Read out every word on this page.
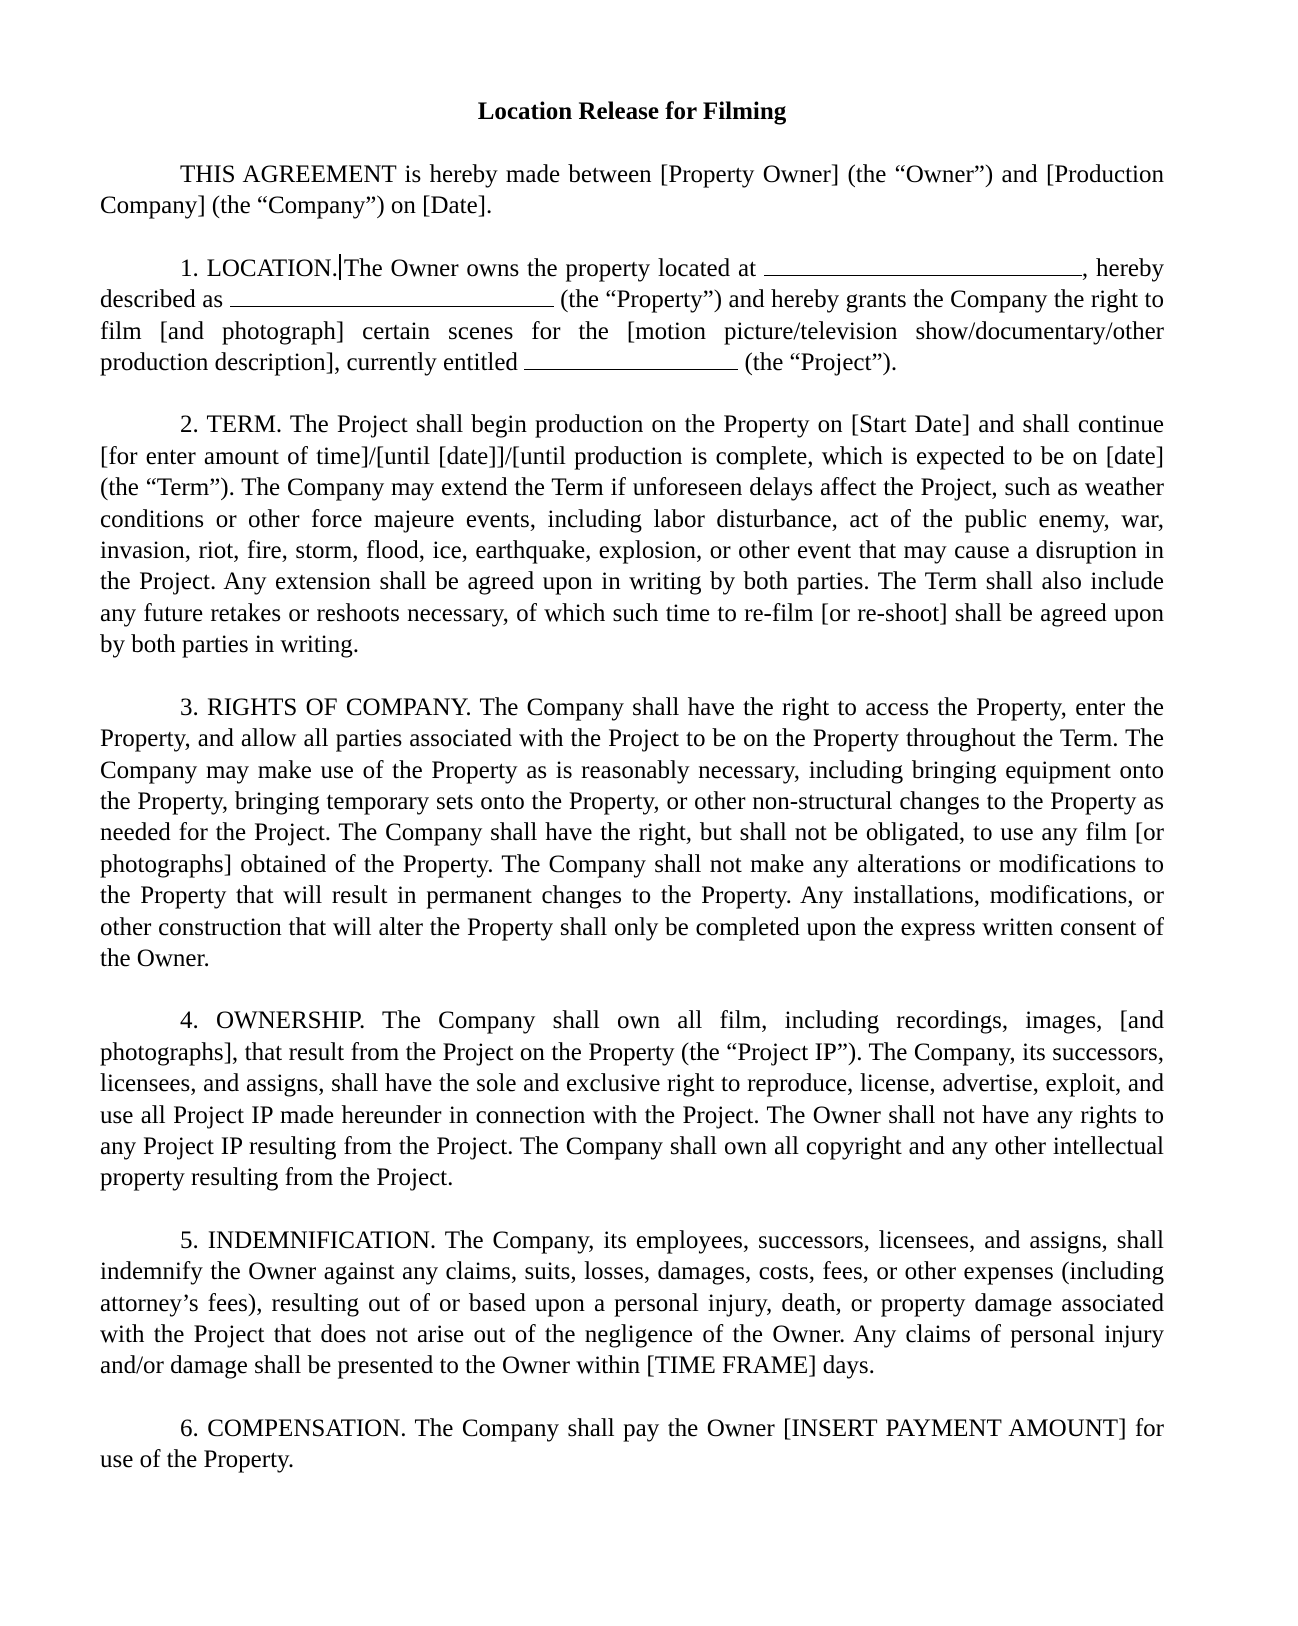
Location Release for Filming

THIS AGREEMENT is hereby made between [Property Owner] (the “Owner”) and [Production Company] (the “Company”) on [Date].

1. LOCATION. The Owner owns the property located at	, hereby described as	(the “Property”) and hereby grants the Company the right to film [and photograph] certain scenes for the [motion picture/television show/documentary/other production description], currently entitled	(the “Project”).

2. TERM. The Project shall begin production on the Property on [Start Date] and shall continue [for enter amount of time]/[until [date]]/[until production is complete, which is expected to be on [date] (the “Term”). The Company may extend the Term if unforeseen delays affect the Project, such as weather conditions or other force majeure events, including labor disturbance, act of the public enemy, war, invasion, riot, fire, storm, flood, ice, earthquake, explosion, or other event that may cause a disruption in the Project. Any extension shall be agreed upon in writing by both parties. The Term shall also include any future retakes or reshoots necessary, of which such time to re-film [or re-shoot] shall be agreed upon by both parties in writing.

3. RIGHTS OF COMPANY. The Company shall have the right to access the Property, enter the Property, and allow all parties associated with the Project to be on the Property throughout the Term. The Company may make use of the Property as is reasonably necessary, including bringing equipment onto the Property, bringing temporary sets onto the Property, or other non-structural changes to the Property as needed for the Project. The Company shall have the right, but shall not be obligated, to use any film [or photographs] obtained of the Property. The Company shall not make any alterations or modifications to the Property that will result in permanent changes to the Property. Any installations, modifications, or other construction that will alter the Property shall only be completed upon the express written consent of the Owner.

4. OWNERSHIP. The Company shall own all film, including recordings, images, [and photographs], that result from the Project on the Property (the “Project IP”). The Company, its successors, licensees, and assigns, shall have the sole and exclusive right to reproduce, license, advertise, exploit, and use all Project IP made hereunder in connection with the Project. The Owner shall not have any rights to any Project IP resulting from the Project. The Company shall own all copyright and any other intellectual property resulting from the Project.

5. INDEMNIFICATION. The Company, its employees, successors, licensees, and assigns, shall indemnify the Owner against any claims, suits, losses, damages, costs, fees, or other expenses (including attorney’s fees), resulting out of or based upon a personal injury, death, or property damage associated with the Project that does not arise out of the negligence of the Owner. Any claims of personal injury and/or damage shall be presented to the Owner within [TIME FRAME] days.

6. COMPENSATION. The Company shall pay the Owner [INSERT PAYMENT AMOUNT] for use of the Property.
